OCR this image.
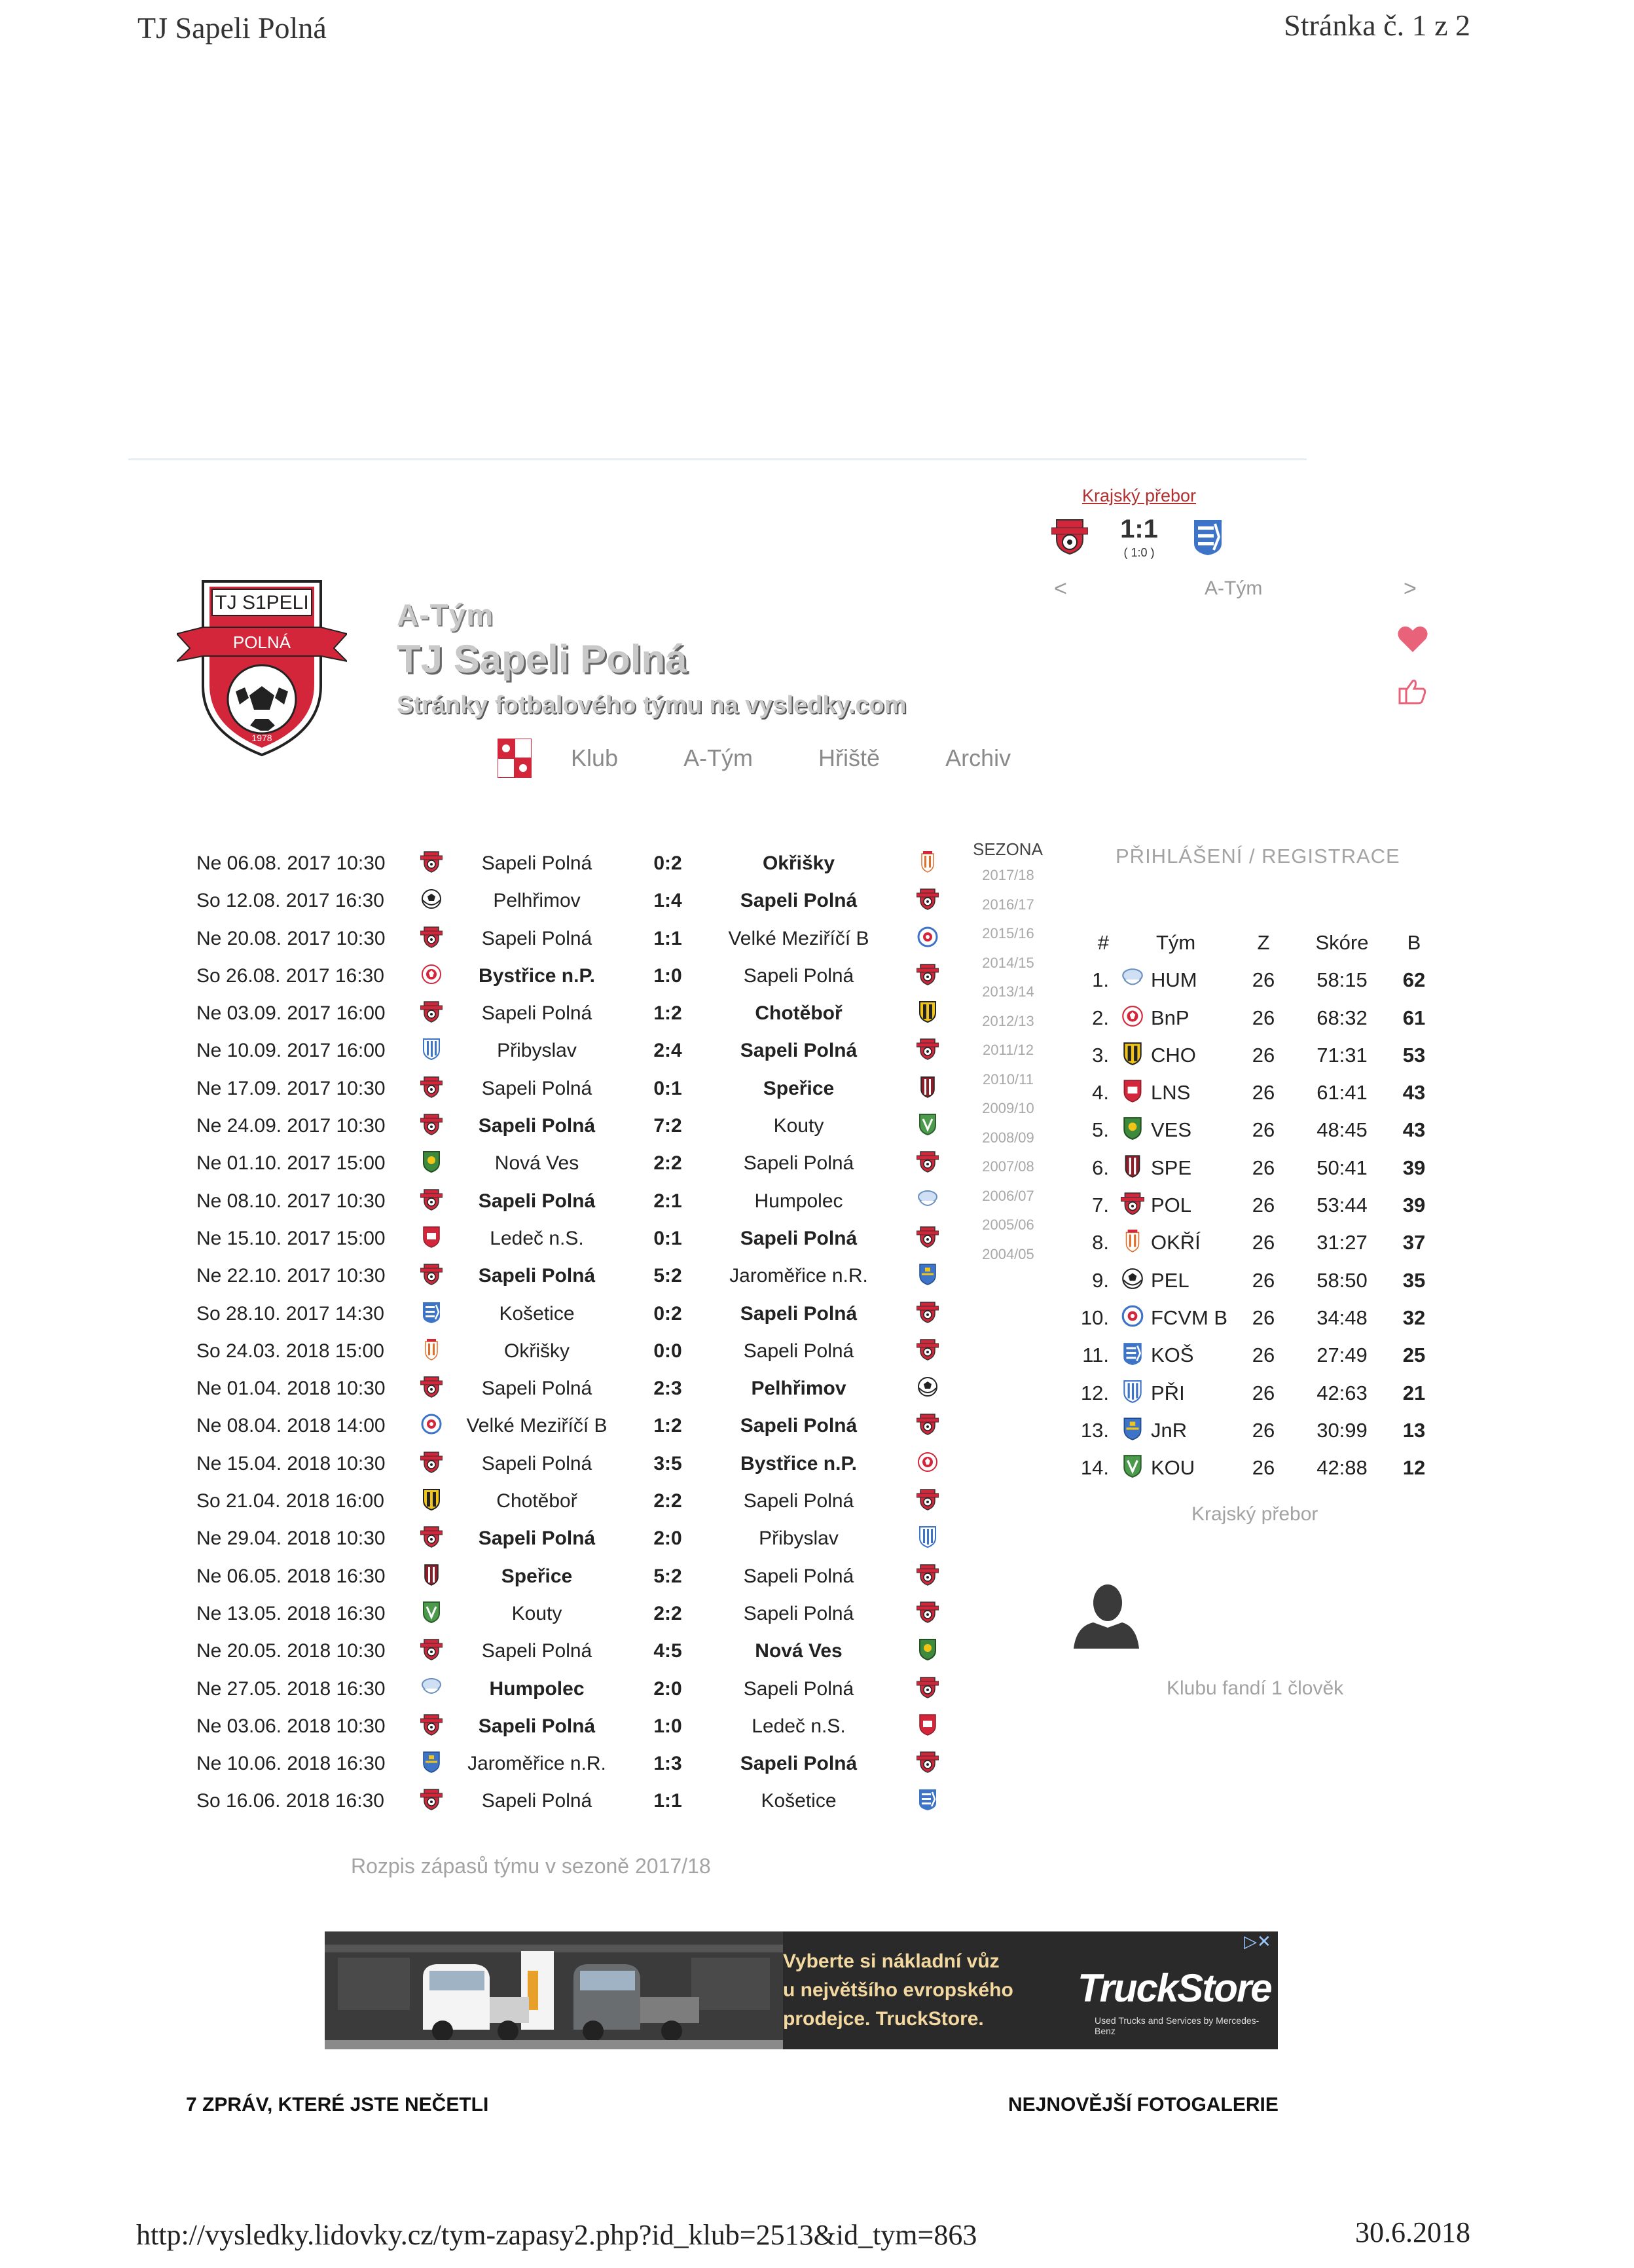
TJ Sapeli Polná	Stránka č. 1 z 2
TJ S1PELI
POLNÁ
1978
A-Tým
TJ Sapeli Polná
Stránky fotbalového týmu na vysledky.com
Klub	A-Tým	Hřiště	Archiv
Krajský přebor
1:1
( 1:0 )
<	A-Tým	>
Ne 06.08. 2017 10:30	Sapeli Polná	0:2	Okřišky
So 12.08. 2017 16:30	Pelhřimov	1:4	Sapeli Polná
Ne 20.08. 2017 10:30	Sapeli Polná	1:1	Velké Meziříčí B
So 26.08. 2017 16:30	Bystřice n.P.	1:0	Sapeli Polná
Ne 03.09. 2017 16:00	Sapeli Polná	1:2	Chotěboř
Ne 10.09. 2017 16:00	Přibyslav	2:4	Sapeli Polná
Ne 17.09. 2017 10:30	Sapeli Polná	0:1	Speřice
Ne 24.09. 2017 10:30	Sapeli Polná	7:2	Kouty
Ne 01.10. 2017 15:00	Nová Ves	2:2	Sapeli Polná
Ne 08.10. 2017 10:30	Sapeli Polná	2:1	Humpolec
Ne 15.10. 2017 15:00	Ledeč n.S.	0:1	Sapeli Polná
Ne 22.10. 2017 10:30	Sapeli Polná	5:2	Jaroměřice n.R.
So 28.10. 2017 14:30	Košetice	0:2	Sapeli Polná
So 24.03. 2018 15:00	Okřišky	0:0	Sapeli Polná
Ne 01.04. 2018 10:30	Sapeli Polná	2:3	Pelhřimov
Ne 08.04. 2018 14:00	Velké Meziříčí B	1:2	Sapeli Polná
Ne 15.04. 2018 10:30	Sapeli Polná	3:5	Bystřice n.P.
So 21.04. 2018 16:00	Chotěboř	2:2	Sapeli Polná
Ne 29.04. 2018 10:30	Sapeli Polná	2:0	Přibyslav
Ne 06.05. 2018 16:30	Speřice	5:2	Sapeli Polná
Ne 13.05. 2018 16:30	Kouty	2:2	Sapeli Polná
Ne 20.05. 2018 10:30	Sapeli Polná	4:5	Nová Ves
Ne 27.05. 2018 16:30	Humpolec	2:0	Sapeli Polná
Ne 03.06. 2018 10:30	Sapeli Polná	1:0	Ledeč n.S.
Ne 10.06. 2018 16:30	Jaroměřice n.R.	1:3	Sapeli Polná
So 16.06. 2018 16:30	Sapeli Polná	1:1	Košetice
Rozpis zápasů týmu v sezoně 2017/18
SEZONA
2017/18
2016/17
2015/16
2014/15
2013/14
2012/13
2011/12
2010/11
2009/10
2008/09
2007/08
2006/07
2005/06
2004/05
PŘIHLÁŠENÍ / REGISTRACE
# Tým	Z	Skóre	B
1. HUM	26	58:15	62
2. BnP	26	68:32	61
3. CHO	26	71:31	53
4. LNS	26	61:41	43
5. VES	26	48:45	43
6. SPE	26	50:41	39
7. POL	26	53:44	39
8. OKŘÍ	26	31:27	37
9. PEL	26	58:50	35
10. FCVM B	26	34:48	32
11. KOŠ	26	27:49	25
12. PŘI	26	42:63	21
13. JnR	26	30:99	13
14. KOU	26	42:88	12
Krajský přebor
Klubu fandí 1 člověk
Vyberte si nákladní vůz
u největšího evropského
prodejce. TruckStore.
TruckStore
Used Trucks and Services by Mercedes-Benz
▷✕
7 ZPRÁV, KTERÉ JSTE NEČETLI	NEJNOVĚJŠÍ FOTOGALERIE
http://vysledky.lidovky.cz/tym-zapasy2.php?id_klub=2513&id_tym=863	30.6.2018
